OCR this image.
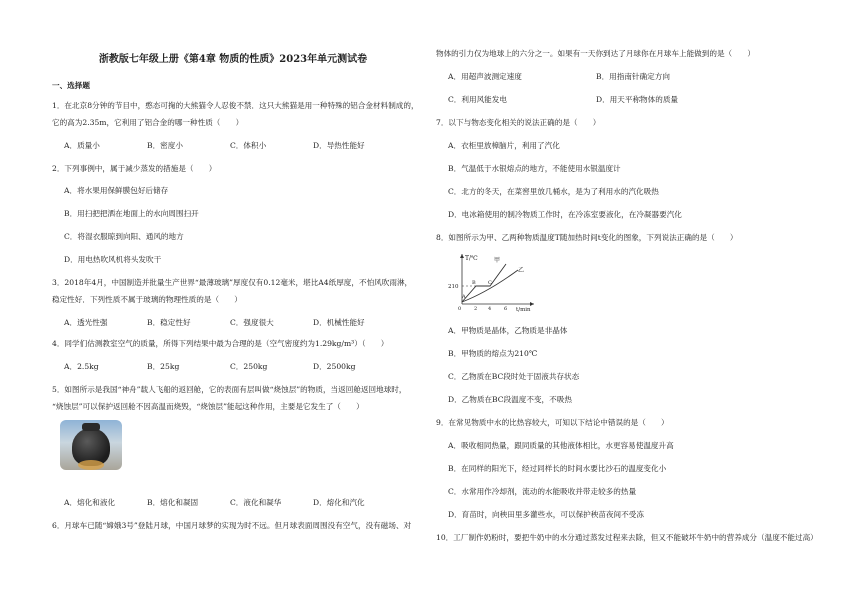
浙教版七年级上册《第4章 物质的性质》2023年单元测试卷
一、选择题
1．在北京8分钟的节目中，憨态可掬的大熊猫令人忍俊不禁．这只大熊猫是用一种特殊的铝合金材料制成的，
它的高为2.35m，它利用了铝合金的哪一种性质（　　）
A．质量小	B．密度小	C．体积小	D．导热性能好
2．下列事例中，属于减少蒸发的措施是（　　）
A．将水果用保鲜膜包好后储存
B．用扫把把洒在地面上的水向周围扫开
C．将湿衣服晾到向阳、通风的地方
D．用电热吹风机将头发吹干
3．2018年4月，中国制造并批量生产世界“最薄玻璃”厚度仅有0.12毫米，堪比A4纸厚度，不怕风吹雨淋，
稳定性好．下列性质不属于玻璃的物理性质的是（　　）
A．透光性强	B．稳定性好	C．强度很大	D．机械性能好
4．同学们估测教室空气的质量，所得下列结果中最为合理的是（空气密度约为1.29kg/m³）（　　）
A．2.5kg	B．25kg	C．250kg	D．2500kg
5．如图所示是我国“神舟”载人飞船的返回舱，它的表面有层叫做“烧蚀层”的物质，当返回舱返回地球时，
“烧蚀层”可以保护返回舱不因高温而烧毁，“烧蚀层”能起这种作用，主要是它发生了（　　）
A．熔化和液化	B．熔化和凝固	C．液化和凝华	D．熔化和汽化
6．月球车已随“嫦娥3号”登陆月球，中国月球梦的实现为时不远。但月球表面周围没有空气，没有磁场、对
物体的引力仅为地球上的六分之一。如果有一天你到达了月球你在月球车上能做到的是（　　）
A．用超声波测定速度	B．用指南针确定方向
C．利用风能发电	D．用天平称物体的质量
7．以下与物态变化相关的说法正确的是（　　）
A．衣柜里放樟脑片，利用了汽化
B．气温低于水银熔点的地方，不能使用水银温度计
C．北方的冬天，在菜窖里放几桶水，是为了利用水的汽化吸热
D．电冰箱使用的制冷物质工作时，在冷冻室要液化，在冷凝器要汽化
8．如图所示为甲、乙两种物质温度T随加热时间t变化的图象，下列说法正确的是（　　）
T/℃
t/min
210
甲
乙
A
B C
0	2 4	6
A．甲物质是晶体，乙物质是非晶体
B．甲物质的熔点为210℃
C．乙物质在BC段时处于固液共存状态
D．乙物质在BC段温度不变，不吸热
9．在常见物质中水的比热容较大，可知以下结论中错误的是（　　）
A．吸收相同热量，跟同质量的其他液体相比，水更容易使温度升高
B．在同样的阳光下，经过同样长的时间水要比沙石的温度变化小
C．水常用作冷却剂，流动的水能吸收并带走较多的热量
D．育苗时，向秧田里多灌些水，可以保护秧苗夜间不受冻
10．工厂制作奶粉时，要把牛奶中的水分通过蒸发过程来去除，但又不能破坏牛奶中的营养成分（温度不能过高）
